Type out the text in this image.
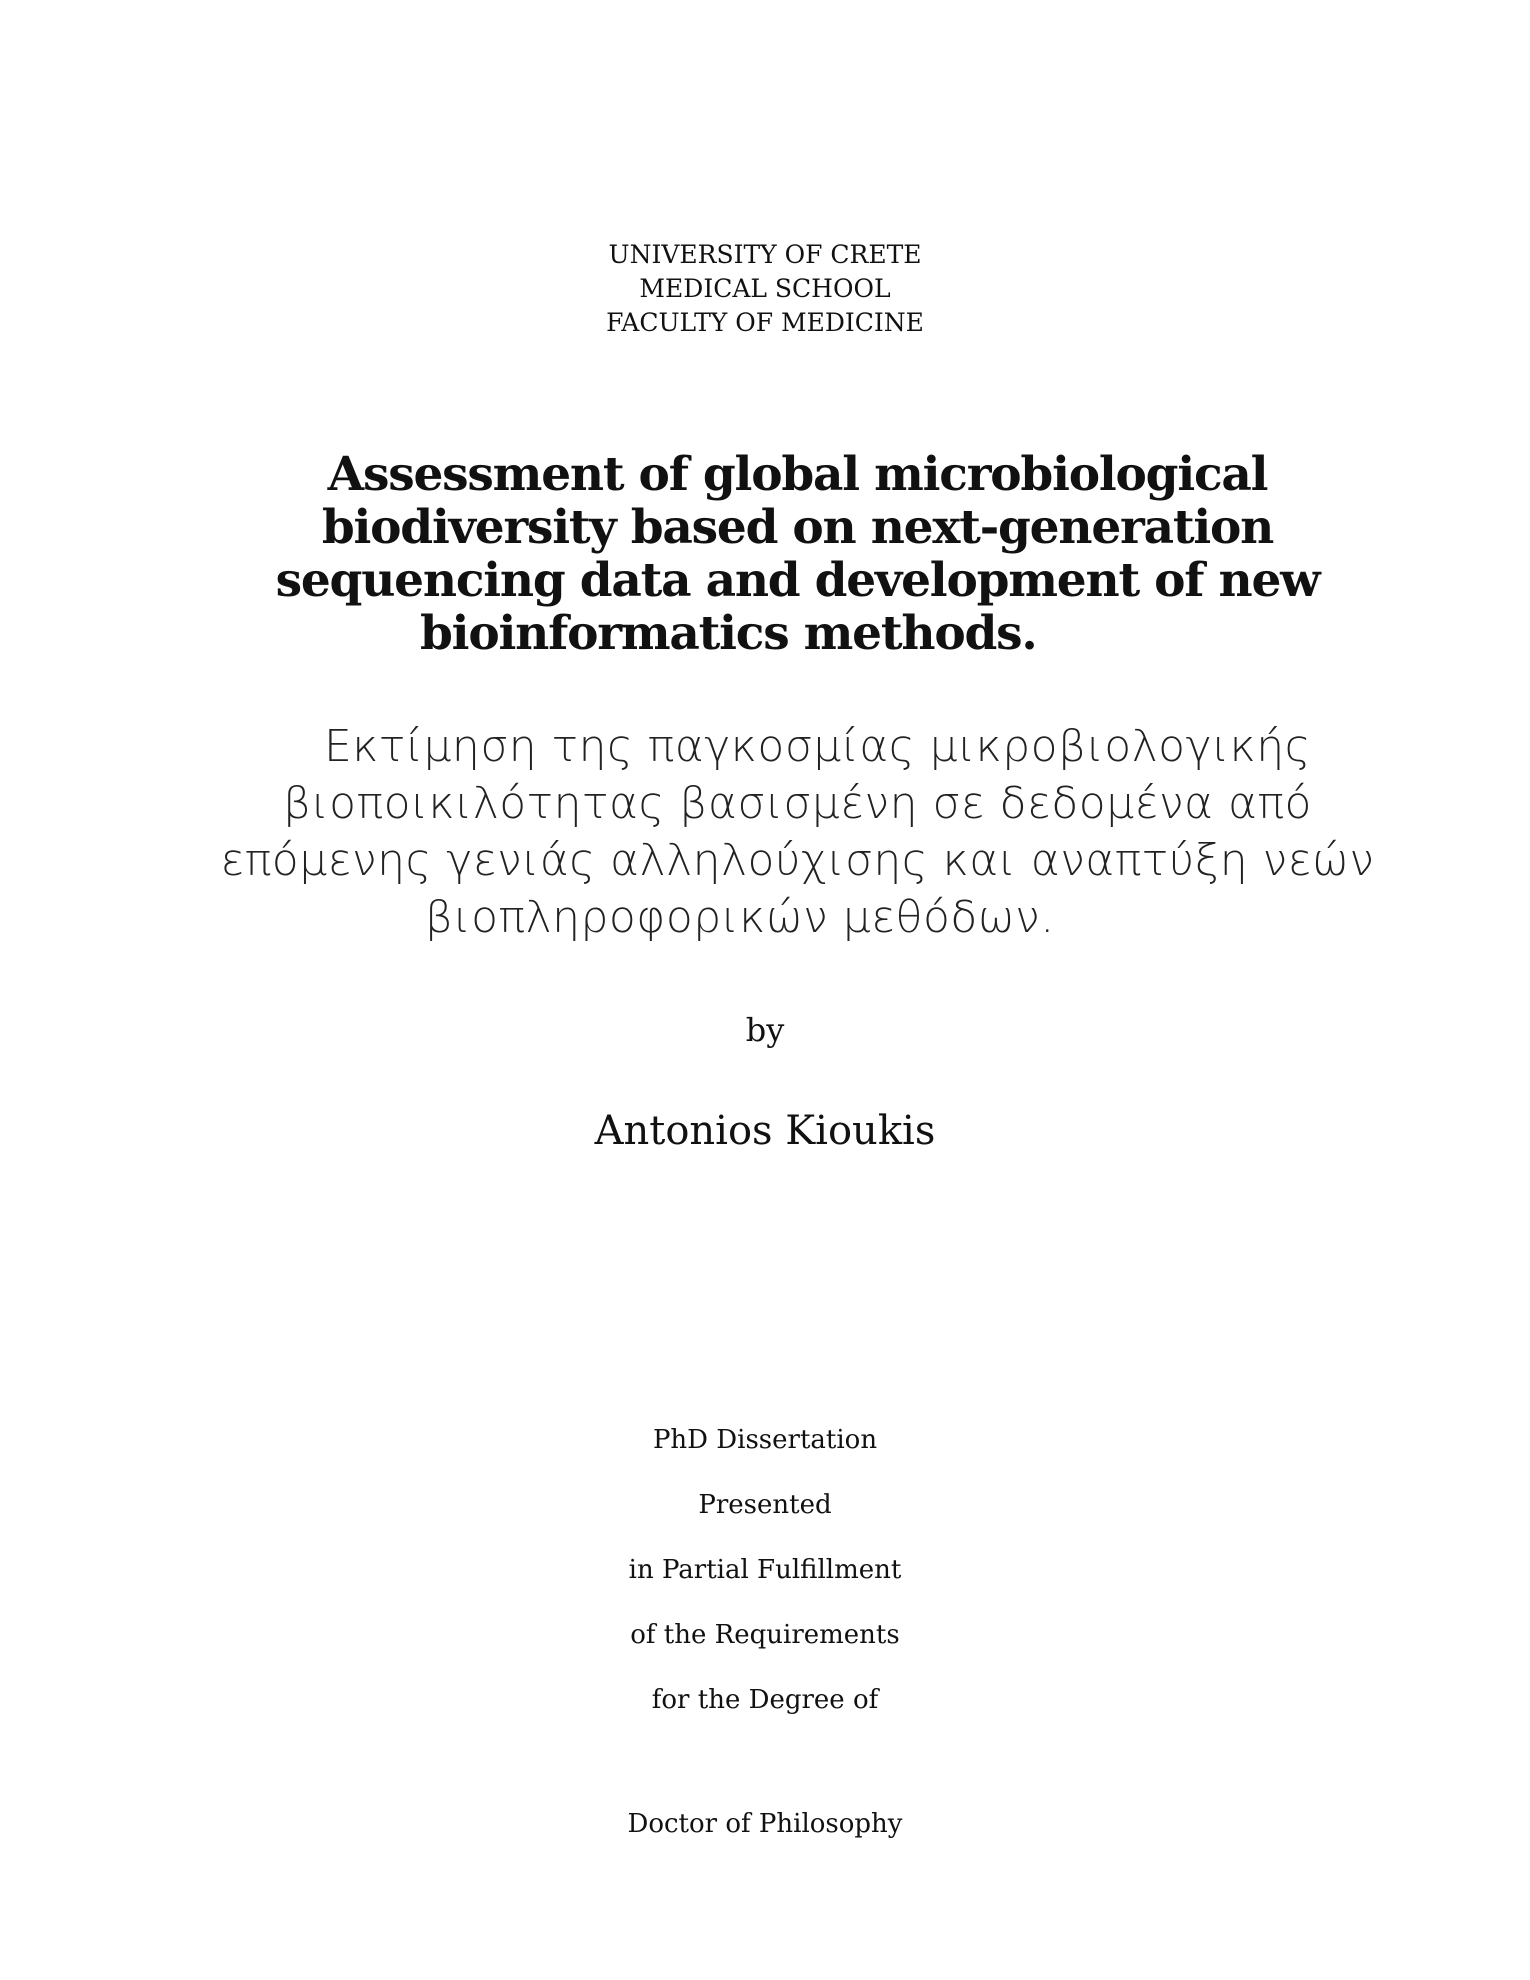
UNIVERSITY OF CRETE
MEDICAL SCHOOL
FACULTY OF MEDICINE
Assessment of global microbiological
biodiversity based on next-generation
sequencing data and development of new
bioinformatics methods.
Εκτίμηση της παγκοσμίας μικροβιολογικής
βιοποικιλότητας βασισμένη σε δεδομένα από
επόμενης γενιάς αλληλούχισης και αναπτύξη νεών
βιοπληροφορικών μεθόδων.
by
Antonios Kioukis
PhD Dissertation
Presented
in Partial Fulfillment
of the Requirements
for the Degree of
Doctor of Philosophy
